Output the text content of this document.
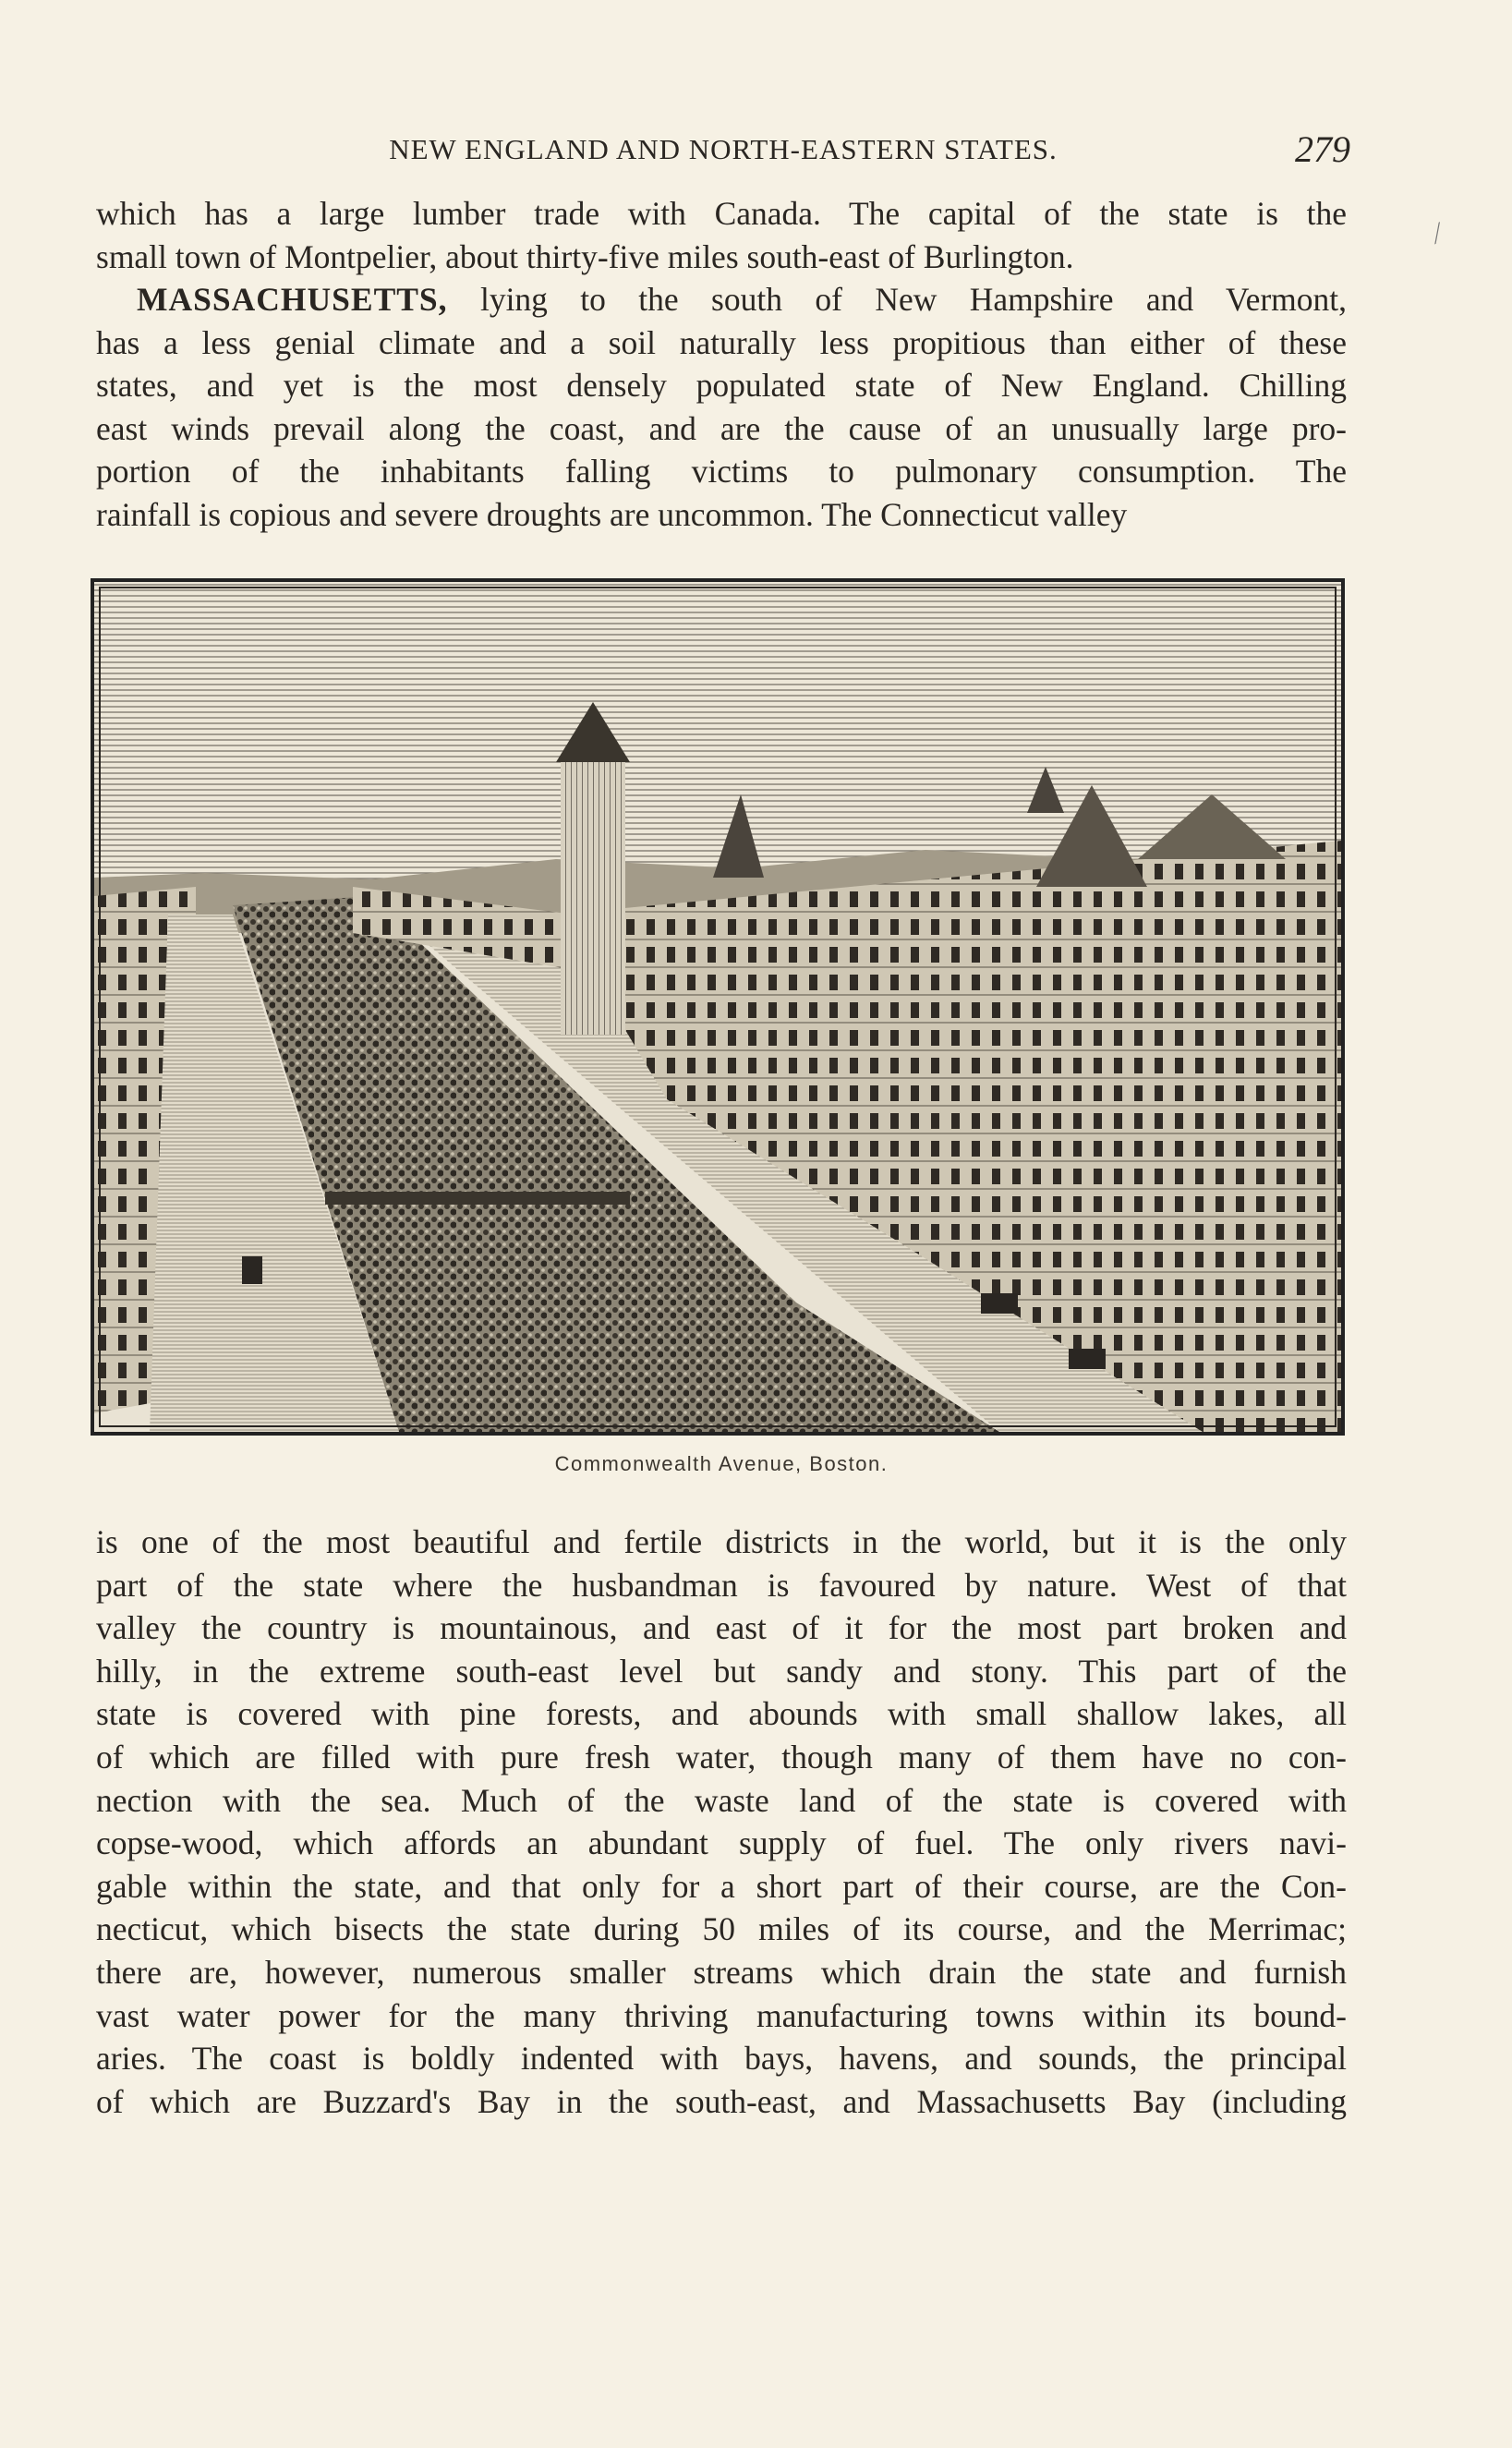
NEW ENGLAND AND NORTH-EASTERN STATES.	279
⁄
which has a large lumber trade with Canada. The capital of the state is the
small town of Montpelier, about thirty-five miles south-east of Burlington.
MASSACHUSETTS, lying to the south of New Hampshire and Vermont,
has a less genial climate and a soil naturally less propitious than either of these
states, and yet is the most densely populated state of New England. Chilling
east winds prevail along the coast, and are the cause of an unusually large pro-
portion of the inhabitants falling victims to pulmonary consumption. The
rainfall is copious and severe droughts are uncommon. The Connecticut valley
Commonwealth Avenue, Boston.
is one of the most beautiful and fertile districts in the world, but it is the only
part of the state where the husbandman is favoured by nature. West of that
valley the country is mountainous, and east of it for the most part broken and
hilly, in the extreme south-east level but sandy and stony. This part of the
state is covered with pine forests, and abounds with small shallow lakes, all
of which are filled with pure fresh water, though many of them have no con-
nection with the sea. Much of the waste land of the state is covered with
copse-wood, which affords an abundant supply of fuel. The only rivers navi-
gable within the state, and that only for a short part of their course, are the Con-
necticut, which bisects the state during 50 miles of its course, and the Merrimac;
there are, however, numerous smaller streams which drain the state and furnish
vast water power for the many thriving manufacturing towns within its bound-
aries. The coast is boldly indented with bays, havens, and sounds, the principal
of which are Buzzard's Bay in the south-east, and Massachusetts Bay (including
